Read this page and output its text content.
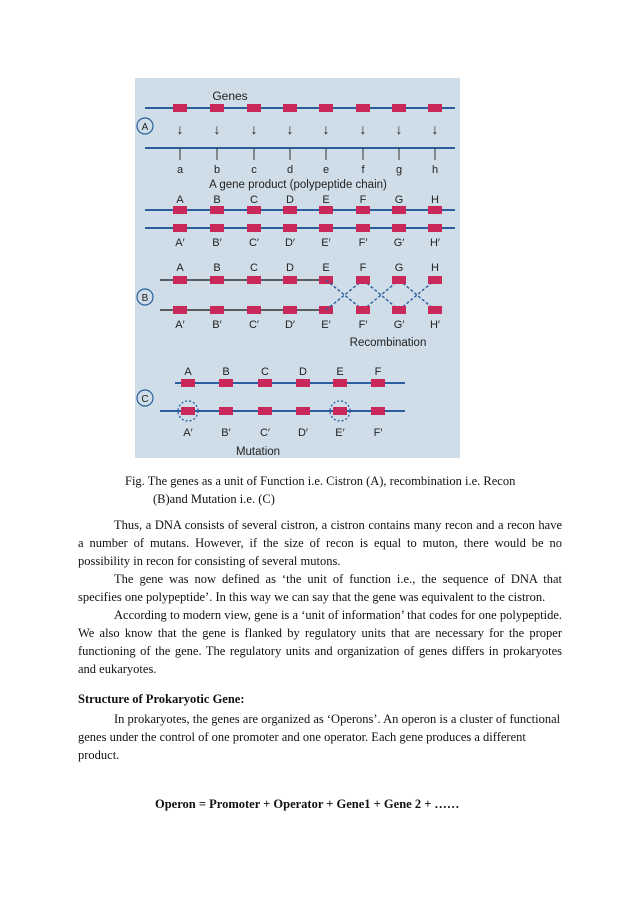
Genes
A ↓ ↓ ↓ ↓ ↓ ↓ ↓ ↓
a	b	c	d	e	f	g	h
A gene product (polypeptide chain)
A	B	C	D	E	F	G	H
A′	B′ C′ D′ E′	F′ G′ H′
A	B	C	D	E	F	G	H
B
A′	B′ C′ D′ E′	F′ G′ H′
Recombination
A	B	C	D	E	F
C
A′	B′	C′	D′ E′	F′
Mutation
Fig. The genes as a unit of Function i.e. Cistron (A), recombination i.e. Recon
(B)and Mutation i.e. (C)

Thus, a DNA consists of several cistron, a cistron contains many recon and a recon have a number of mutans. However, if the size of recon is equal to muton, there would be no possibility in recon for consisting of several mutons.

The gene was now defined as ‘the unit of function i.e., the sequence of DNA that specifies one polypeptide’. In this way we can say that the gene was equivalent to the cistron.

According to modern view, gene is a ‘unit of information’ that codes for one polypeptide. We also know that the gene is flanked by regulatory units that are necessary for the proper functioning of the gene. The regulatory units and organization of genes differs in prokaryotes and eukaryotes.

Structure of Prokaryotic Gene:

In prokaryotes, the genes are organized as ‘Operons’. An operon is a cluster of functional genes under the control of one promoter and one operator. Each gene produces a different product.

Operon = Promoter + Operator + Gene1 + Gene 2 + ……
